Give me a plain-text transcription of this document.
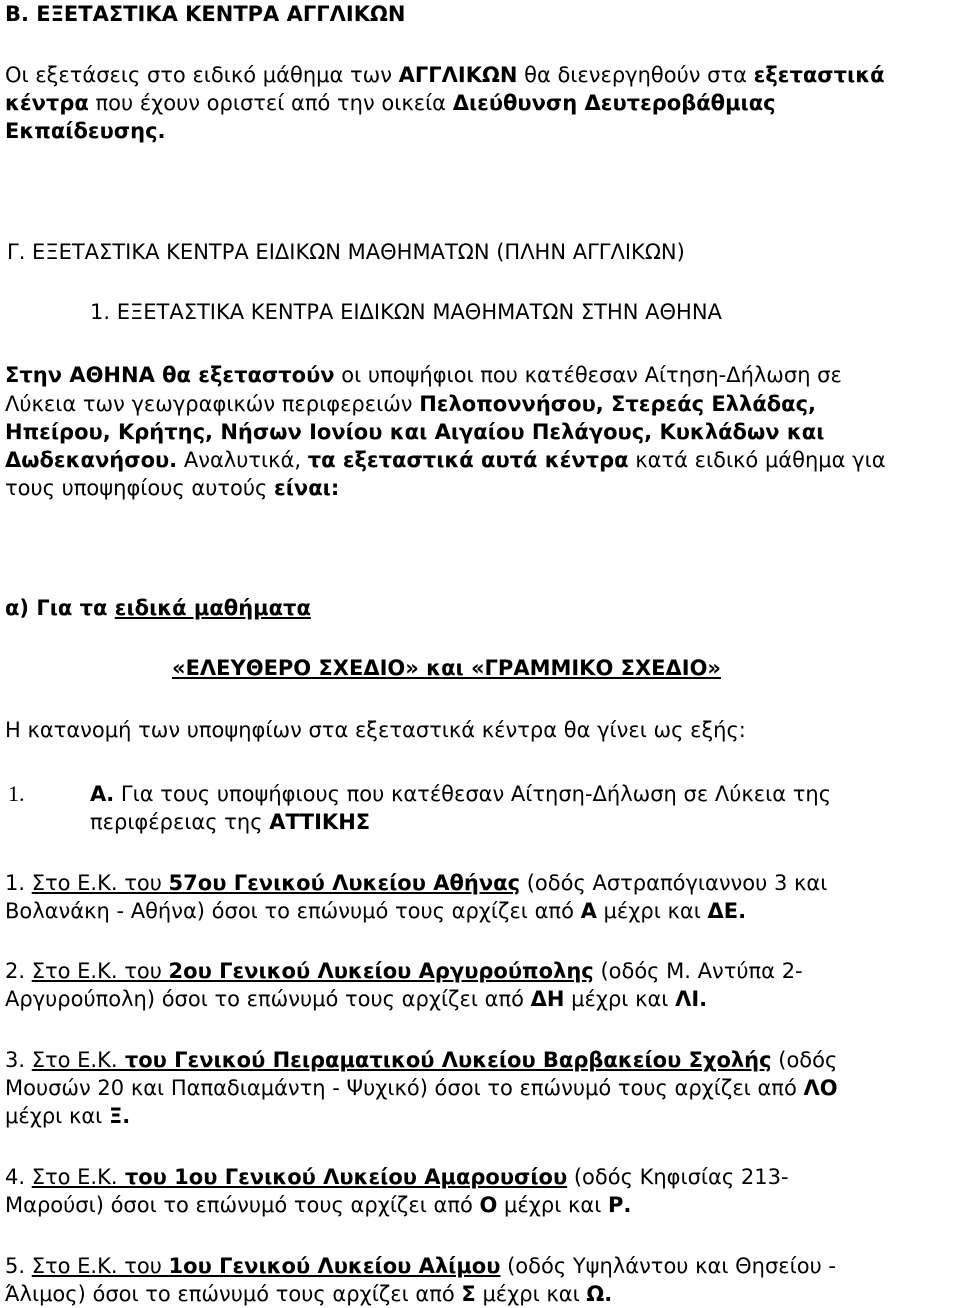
Β. ΕΞΕΤΑΣΤΙΚΑ ΚΕΝΤΡΑ ΑΓΓΛΙΚΩΝ
Οι εξετάσεις στο ειδικό μάθημα των ΑΓΓΛΙΚΩΝ θα διενεργηθούν στα εξεταστικά
κέντρα που έχουν οριστεί από την οικεία Διεύθυνση Δευτεροβάθμιας
Εκπαίδευσης.
Γ. ΕΞΕΤΑΣΤΙΚΑ ΚΕΝΤΡΑ ΕΙΔΙΚΩΝ ΜΑΘΗΜΑΤΩΝ (ΠΛΗΝ ΑΓΓΛΙΚΩΝ)
1. ΕΞΕΤΑΣΤΙΚΑ ΚΕΝΤΡΑ ΕΙΔΙΚΩΝ ΜΑΘΗΜΑΤΩΝ ΣΤΗΝ ΑΘΗΝΑ
Στην ΑΘΗΝΑ θα εξεταστούν οι υποψήφιοι που κατέθεσαν Αίτηση-Δήλωση σε
Λύκεια των γεωγραφικών περιφερειών Πελοποννήσου, Στερεάς Ελλάδας,
Ηπείρου, Κρήτης, Νήσων Ιονίου και Αιγαίου Πελάγους, Κυκλάδων και
Δωδεκανήσου. Αναλυτικά, τα εξεταστικά αυτά κέντρα κατά ειδικό μάθημα για
τους υποψηφίους αυτούς είναι:
α) Για τα ειδικά μαθήματα
«ΕΛΕΥΘΕΡΟ ΣΧΕΔΙΟ» και «ΓΡΑΜΜΙΚΟ ΣΧΕΔΙΟ»
Η κατανομή των υποψηφίων στα εξεταστικά κέντρα θα γίνει ως εξής:
1.	Α. Για τους υποψήφιους που κατέθεσαν Αίτηση-Δήλωση σε Λύκεια της
περιφέρειας της ΑΤΤΙΚΗΣ
1. Στο Ε.Κ. του 57ου Γενικού Λυκείου Αθήνας (οδός Αστραπόγιαννου 3 και
Βολανάκη - Αθήνα) όσοι το επώνυμό τους αρχίζει από Α μέχρι και ΔΕ.
2. Στο Ε.Κ. του 2ου Γενικού Λυκείου Αργυρούπολης (οδός Μ. Αντύπα 2-
Αργυρούπολη) όσοι το επώνυμό τους αρχίζει από ΔΗ μέχρι και ΛΙ.
3. Στο Ε.Κ. του Γενικού Πειραματικού Λυκείου Βαρβακείου Σχολής (οδός
Μουσών 20 και Παπαδιαμάντη - Ψυχικό) όσοι το επώνυμό τους αρχίζει από ΛΟ
μέχρι και Ξ.
4. Στο Ε.Κ. του 1ου Γενικού Λυκείου Αμαρουσίου (οδός Κηφισίας 213-
Μαρούσι) όσοι το επώνυμό τους αρχίζει από Ο μέχρι και Ρ.
5. Στο Ε.Κ. του 1ου Γενικού Λυκείου Αλίμου (οδός Υψηλάντου και Θησείου -
Άλιμος) όσοι το επώνυμό τους αρχίζει από Σ μέχρι και Ω.
